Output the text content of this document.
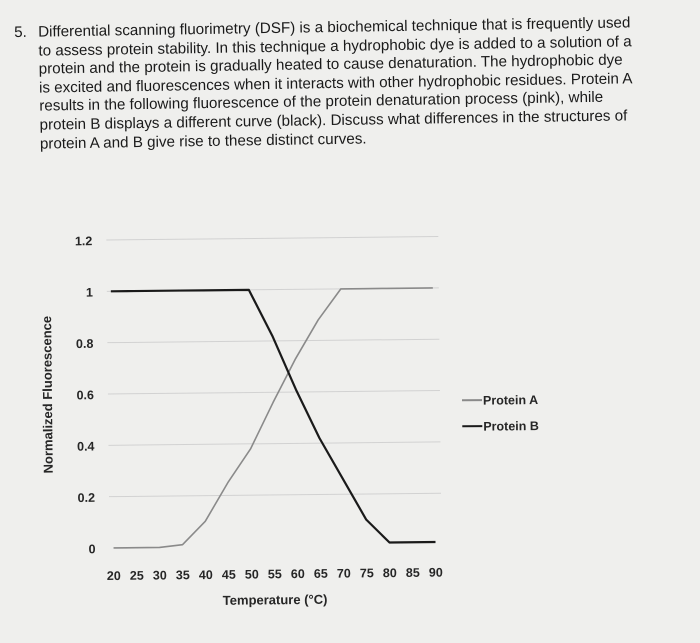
5. Differential scanning fluorimetry (DSF) is a biochemical technique that is frequently used
to assess protein stability. In this technique a hydrophobic dye is added to a solution of a
protein and the protein is gradually heated to cause denaturation. The hydrophobic dye
is excited and fluorescences when it interacts with other hydrophobic residues. Protein A
results in the following fluorescence of the protein denaturation process (pink), while
protein B displays a different curve (black). Discuss what differences in the structures of
protein A and B give rise to these distinct curves.
0
0.2
0.4
0.6
0.8
1
1.2
20 25 30 35 40 45 50 55 60 65 70 75 80 85 90
Temperature (°C)
Normalized Fluorescence	Protein A
Protein B
